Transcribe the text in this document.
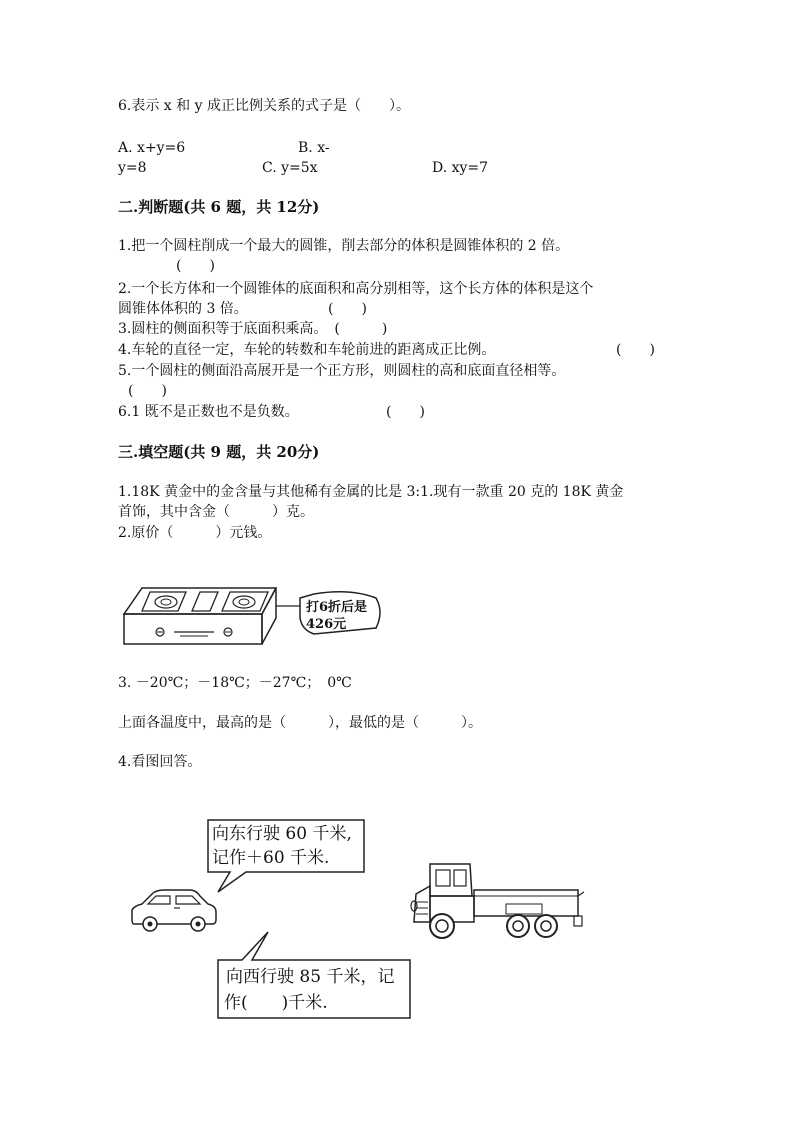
6.表示 x 和 y 成正比例关系的式子是（　　）。
A. x+y=6	B. x-
y=8	C. y=5x	D. xy=7
二.判断题(共 6 题，共 12分)
1.把一个圆柱削成一个最大的圆锥，削去部分的体积是圆锥体积的 2 倍。
(　　)
2.一个长方体和一个圆锥体的底面积和高分别相等，这个长方体的体积是这个
圆锥体体积的 3 倍。	(　　)
3.圆柱的侧面积等于底面积乘高。　(　　　)
4.车轮的直径一定，车轮的转数和车轮前进的距离成正比例。	(　　)
5.一个圆柱的侧面沿高展开是一个正方形，则圆柱的高和底面直径相等。
(　　)
6.1 既不是正数也不是负数。	(　　)
三.填空题(共 9 题，共 20分)
1.18K 黄金中的金含量与其他稀有金属的比是 3:1.现有一款重 20 克的 18K 黄金
首饰，其中含金（　　　）克。
2.原价（　　　）元钱。
打6折后是
426元
3. －20℃；－18℃；－27℃；　0℃
上面各温度中，最高的是（　　　），最低的是（　　　）。
4.看图回答。
向东行驶 60 千米,
记作＋60 千米.
向西行驶 85 千米，记
作(　　)千米.
